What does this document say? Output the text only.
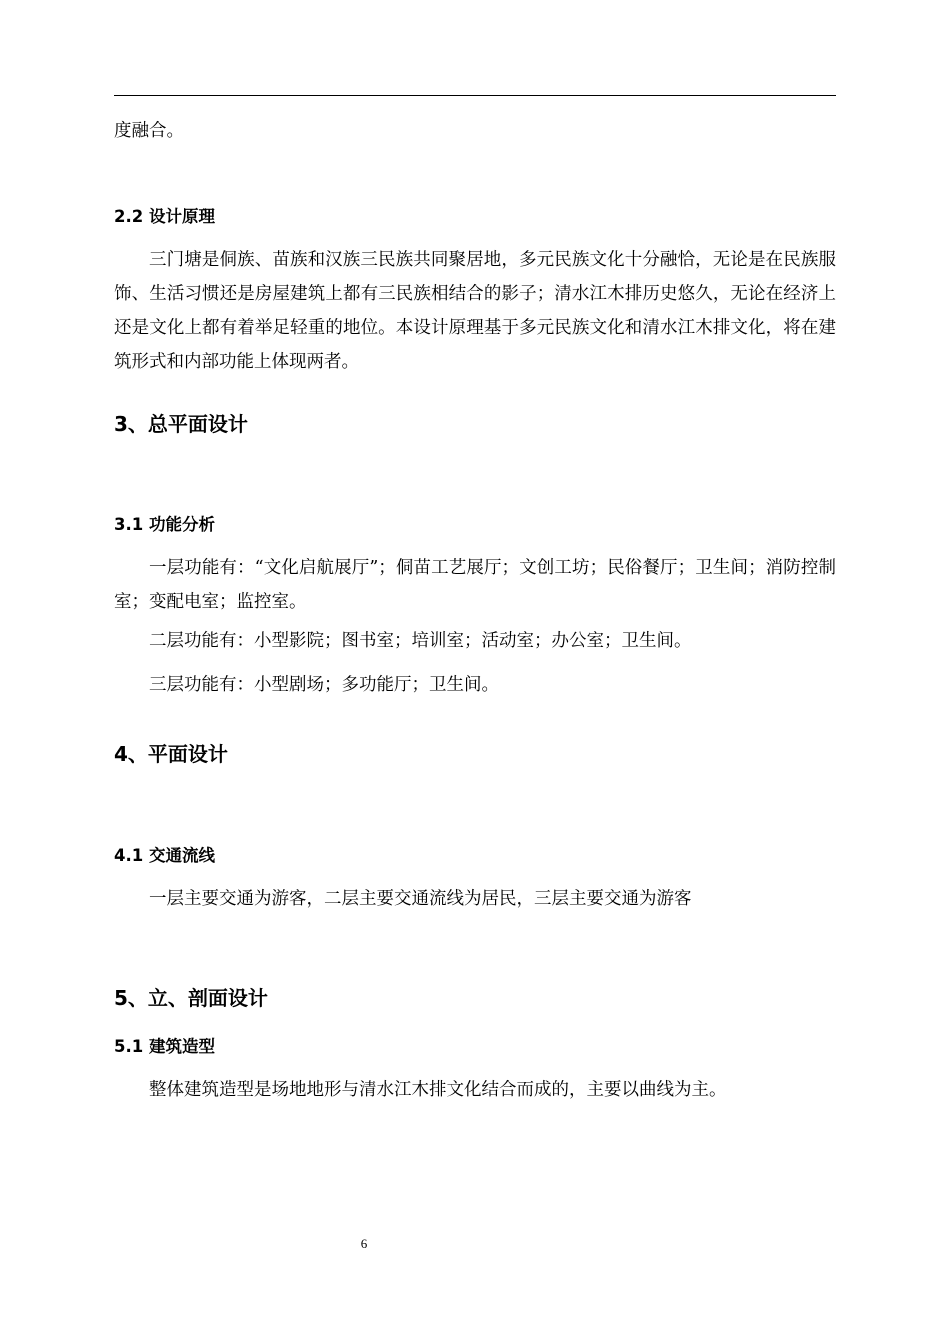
度融合。

2.2 设计原理

三门塘是侗族、苗族和汉族三民族共同聚居地，多元民族文化十分融恰，无论是在民族服饰、生活习惯还是房屋建筑上都有三民族相结合的影子；清水江木排历史悠久，无论在经济上还是文化上都有着举足轻重的地位。本设计原理基于多元民族文化和清水江木排文化，将在建筑形式和内部功能上体现两者。

3、总平面设计
3.1 功能分析

一层功能有：“文化启航展厅”；侗苗工艺展厅；文创工坊；民俗餐厅；卫生间；消防控制室；变配电室；监控室。

二层功能有：小型影院；图书室；培训室；活动室；办公室；卫生间。

三层功能有：小型剧场；多功能厅；卫生间。

4、平面设计
4.1 交通流线

一层主要交通为游客，二层主要交通流线为居民，三层主要交通为游客

5、立、剖面设计
5.1 建筑造型

整体建筑造型是场地地形与清水江木排文化结合而成的，主要以曲线为主。

6
